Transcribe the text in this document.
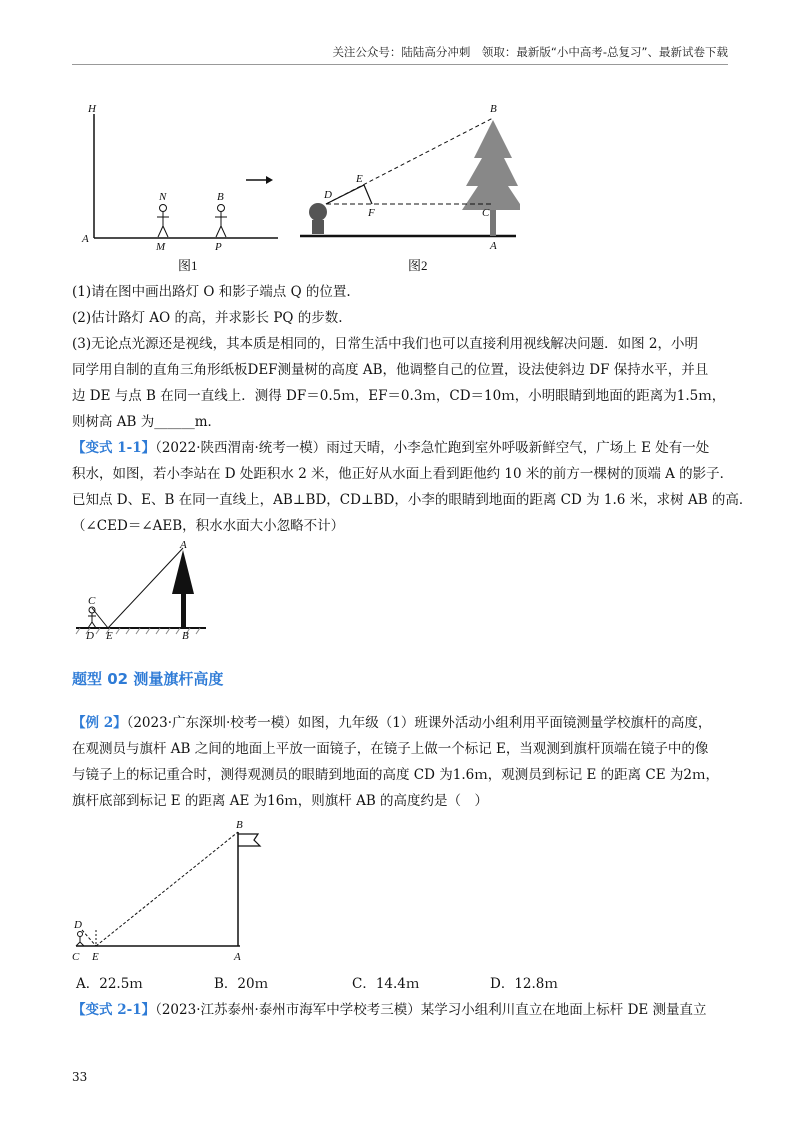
关注公众号：陆陆高分冲刺　领取：最新版“小中高考-总复习”、最新试卷下载
H
A
N
M
B
P
图1
B
E
D
F	C
A
图2
(1)请在图中画出路灯 O 和影子端点 Q 的位置.
(2)估计路灯 AO 的高，并求影长 PQ 的步数.
(3)无论点光源还是视线，其本质是相同的，日常生活中我们也可以直接利用视线解决问题．如图 2，小明
同学用自制的直角三角形纸板DEF测量树的高度 AB，他调整自己的位置，设法使斜边 DF 保持水平，并且
边 DE 与点 B 在同一直线上．测得 DF＝0.5ｍ，EF＝0.3ｍ，CD＝10ｍ，小明眼睛到地面的距离为1.5ｍ，
则树高 AB 为______m．
【变式 1-1】（2022·陕西渭南·统考一模）雨过天晴，小李急忙跑到室外呼吸新鲜空气，广场上 E 处有一处
积水，如图，若小李站在 D 处距积水 2 米，他正好从水面上看到距他约 10 米的前方一棵树的顶端 A 的影子．
已知点 D、E、B 在同一直线上，AB⊥BD，CD⊥BD，小李的眼睛到地面的距离 CD 为 1.6 米，求树 AB 的高．
（∠CED＝∠AEB，积水水面大小忽略不计）
A
C
D E	B
题型 02 测量旗杆高度
【例 2】（2023·广东深圳·校考一模）如图，九年级（1）班课外活动小组利用平面镜测量学校旗杆的高度，
在观测员与旗杆 AB 之间的地面上平放一面镜子，在镜子上做一个标记 E，当观测到旗杆顶端在镜子中的像
与镜子上的标记重合时，测得观测员的眼睛到地面的高度 CD 为1.6ｍ，观测员到标记 E 的距离 CE 为2ｍ，
旗杆底部到标记 E 的距离 AE 为16ｍ，则旗杆 AB 的高度约是（　）
B
D
C E	A
A．22.5ｍ	B．20ｍ	C．14.4ｍ	D．12.8ｍ
【变式 2-1】（2023·江苏泰州·泰州市海军中学校考三模）某学习小组利川直立在地面上标杆 DE 测量直立
33
